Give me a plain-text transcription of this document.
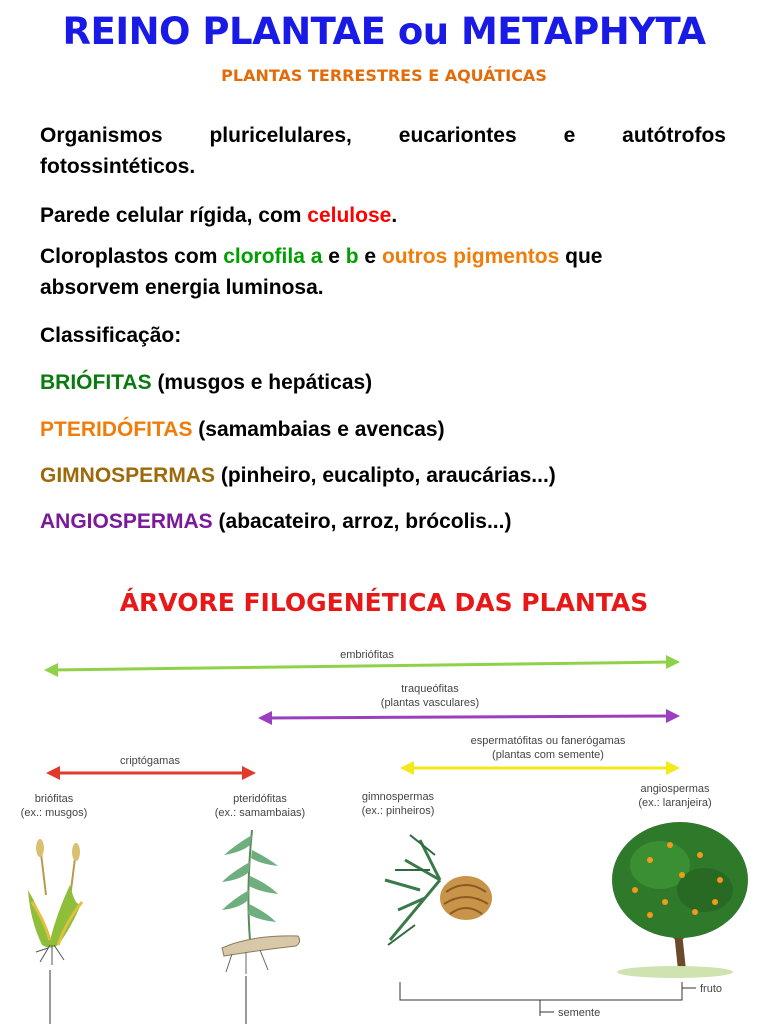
REINO PLANTAE ou METAPHYTA
PLANTAS TERRESTRES E AQUÁTICAS
Organismos pluricelulares, eucariontes e autótrofos
fotossintéticos.
Parede celular rígida, com celulose.
Cloroplastos com clorofila a e b e outros pigmentos que
absorvem energia luminosa.
Classificação:
BRIÓFITAS (musgos e hepáticas)
PTERIDÓFITAS (samambaias e avencas)
GIMNOSPERMAS (pinheiro, eucalipto, araucárias...)
ANGIOSPERMAS (abacateiro, arroz, brócolis...)
ÁRVORE FILOGENÉTICA DAS PLANTAS
embriófitas
traqueófitas
(plantas vasculares)
espermatófitas ou fanerógamas
(plantas com semente)
criptógamas
briófitas
(ex.: musgos)
pteridófitas
(ex.: samambaias)
gimnospermas
(ex.: pinheiros)
angiospermas
(ex.: laranjeira)
fruto
semente
